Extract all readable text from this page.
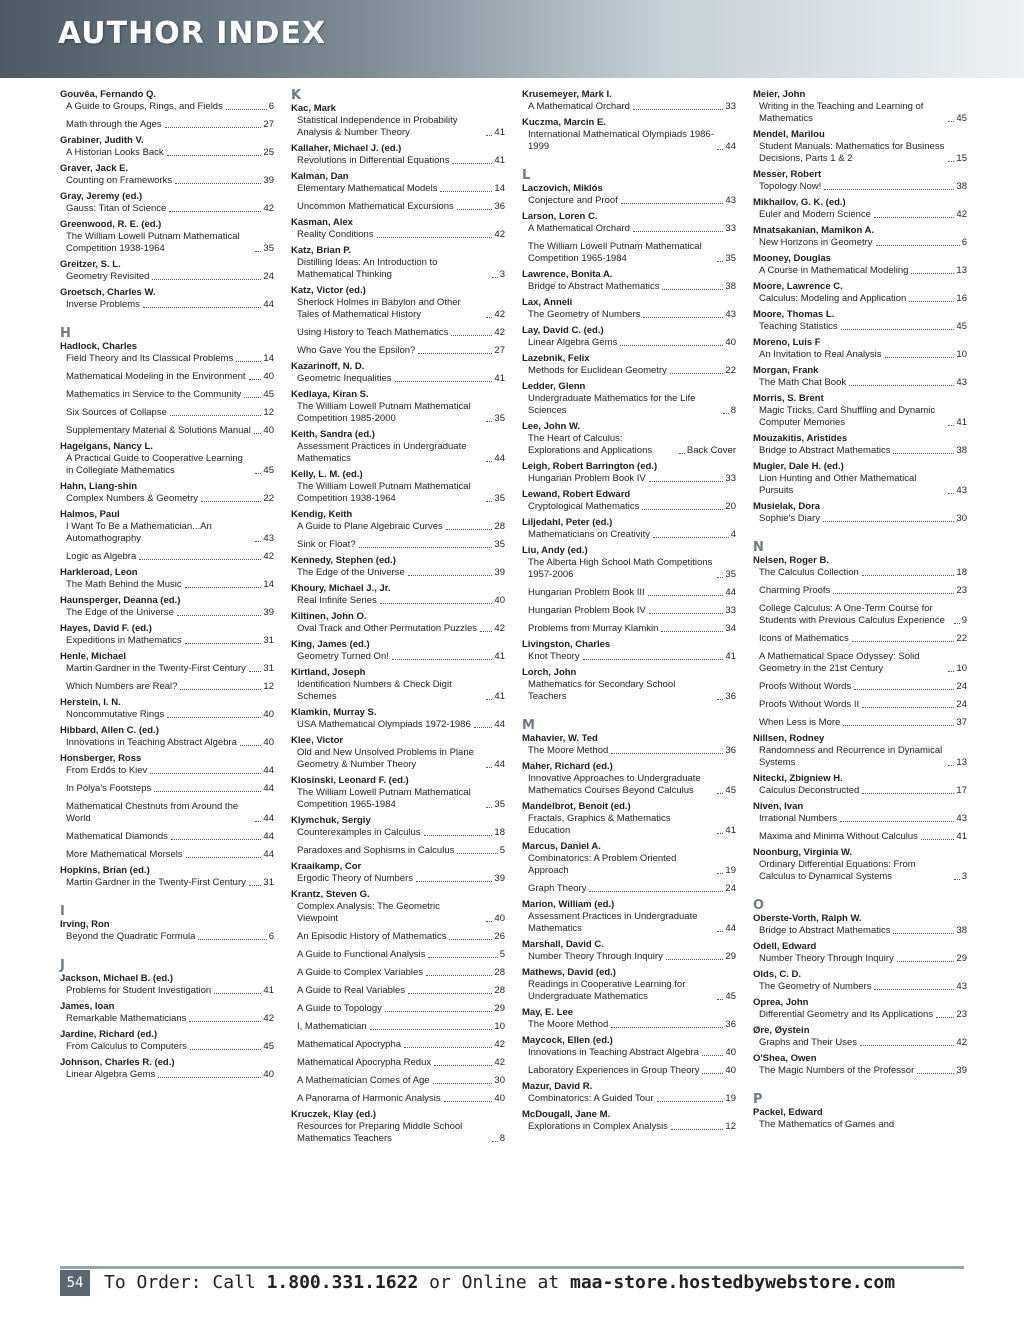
AUTHOR INDEX
Gouvêa, Fernando Q.
A Guide to Groups, Rings, and Fields	6
Math through the Ages	27
Grabiner, Judith V.
A Historian Looks Back	25
Graver, Jack E.
Counting on Frameworks	39
Gray, Jeremy (ed.)
Gauss: Titan of Science	42
Greenwood, R. E. (ed.)
The William Lowell Putnam Mathematical Competition 1938-1964	35
Greitzer, S. L.
Geometry Revisited	24
Groetsch, Charles W.
Inverse Problems	44
H
Hadlock, Charles
Field Theory and Its Classical Problems	14
Mathematical Modeling in the Environment 40
Mathematics in Service to the Community 45
Six Sources of Collapse	12
Supplementary Material & Solutions Manual 40
Hagelgans, Nancy L.
A Practical Guide to Cooperative Learning in Collegiate Mathematics	45
Hahn, Liang-shin
Complex Numbers & Geometry	22
Halmos, Paul
I Want To Be a Mathematician...An Automathography	43
Logic as Algebra	42
Harkleroad, Leon
The Math Behind the Music	14
Haunsperger, Deanna (ed.)
The Edge of the Universe	39
Hayes, David F. (ed.)
Expeditions in Mathematics	31
Henle, Michael
Martin Gardner in the Twenty-First Century 31
Which Numbers are Real?	12
Herstein, I. N.
Noncommutative Rings	40
Hibbard, Allen C. (ed.)
Innovations in Teaching Abstract Algebra	40
Honsberger, Ross
From Erdős to Kiev	44
In Pólya's Footsteps	44
Mathematical Chestnuts from Around the World	44
Mathematical Diamonds	44
More Mathematical Morsels	44
Hopkins, Brian (ed.)
Martin Gardner in the Twenty-First Century 31
I
Irving, Ron
Beyond the Quadratic Formula	6
J
Jackson, Michael B. (ed.)
Problems for Student Investigation	41
James, Ioan
Remarkable Mathematicians	42
Jardine, Richard (ed.)
From Calculus to Computers	45
Johnson, Charles R. (ed.)
Linear Algebra Gems	40
K
Kac, Mark
Statistical Independence in Probability Analysis & Number Theory	41
Kallaher, Michael J. (ed.)
Revolutions in Differential Equations	41
Kalman, Dan
Elementary Mathematical Models	14
Uncommon Mathematical Excursions	36
Kasman, Alex
Reality Conditions	42
Katz, Brian P.
Distilling Ideas: An Introduction to Mathematical Thinking	3
Katz, Victor (ed.)
Sherlock Holmes in Babylon and Other Tales of Mathematical History	42
Using History to Teach Mathematics	42
Who Gave You the Epsilon?	27
Kazarinoff, N. D.
Geometric Inequalities	41
Kedlaya, Kiran S.
The William Lowell Putnam Mathematical Competition 1985-2000	35
Keith, Sandra (ed.)
Assessment Practices in Undergraduate Mathematics	44
Kelly, L. M. (ed.)
The William Lowell Putnam Mathematical Competition 1938-1964	35
Kendig, Keith
A Guide to Plane Algebraic Curves	28
Sink or Float?	35
Kennedy, Stephen (ed.)
The Edge of the Universe	39
Khoury, Michael J., Jr.
Real Infinite Series	40
Kiltinen, John O.
Oval Track and Other Permutation Puzzles 42
King, James (ed.)
Geometry Turned On!	41
Kirtland, Joseph
Identification Numbers & Check Digit Schemes	41
Klamkin, Murray S.
USA Mathematical Olympiads 1972-1986 44
Klee, Victor
Old and New Unsolved Problems in Plane Geometry & Number Theory	44
Klosinski, Leonard F. (ed.)
The William Lowell Putnam Mathematical Competition 1965-1984	35
Klymchuk, Sergiy
Counterexamples in Calculus	18
Paradoxes and Sophisms in Calculus	5
Kraaikamp, Cor
Ergodic Theory of Numbers	39
Krantz, Steven G.
Complex Analysis: The Geometric Viewpoint	40
An Episodic History of Mathematics	26
A Guide to Functional Analysis	5
A Guide to Complex Variables	28
A Guide to Real Variables	28
A Guide to Topology	29
I, Mathematician	10
Mathematical Apocrypha	42
Mathematical Apocrypha Redux	42
A Mathematician Comes of Age	30
A Panorama of Harmonic Analysis	40
Kruczek, Klay (ed.)
Resources for Preparing Middle School Mathematics Teachers	8
Krusemeyer, Mark I.
A Mathematical Orchard	33
Kuczma, Marcin E.
International Mathematical Olympiads 1986-1999	44
L
Laczovich, Miklós
Conjecture and Proof	43
Larson, Loren C.
A Mathematical Orchard	33
The William Lowell Putnam Mathematical Competition 1965-1984	35
Lawrence, Bonita A.
Bridge to Abstract Mathematics	38
Lax, Anneli
The Geometry of Numbers	43
Lay, David C. (ed.)
Linear Algebra Gems	40
Lazebnik, Felix
Methods for Euclidean Geometry	22
Ledder, Glenn
Undergraduate Mathematics for the Life Sciences	8
Lee, John W.
The Heart of Calculus: Explorations and Applications	Back Cover
Leigh, Robert Barrington (ed.)
Hungarian Problem Book IV	33
Lewand, Robert Edward
Cryptological Mathematics	20
Liljedahl, Peter (ed.)
Mathematicians on Creativity	4
Liu, Andy (ed.)
The Alberta High School Math Competitions 1957-2006	35
Hungarian Problem Book III	44
Hungarian Problem Book IV	33
Problems from Murray Klamkin	34
Livingston, Charles
Knot Theory	41
Lorch, John
Mathematics for Secondary School Teachers	36
M
Mahavier, W. Ted
The Moore Method	36
Maher, Richard (ed.)
Innovative Approaches to Undergraduate Mathematics Courses Beyond Calculus	45
Mandelbrot, Benoit (ed.)
Fractals, Graphics & Mathematics Education	41
Marcus, Daniel A.
Combinatorics: A Problem Oriented Approach	19
Graph Theory	24
Marion, William (ed.)
Assessment Practices in Undergraduate Mathematics	44
Marshall, David C.
Number Theory Through Inquiry	29
Mathews, David (ed.)
Readings in Cooperative Learning for Undergraduate Mathematics	45
May, E. Lee
The Moore Method	36
Maycock, Ellen (ed.)
Innovations in Teaching Abstract Algebra	40
Laboratory Experiences in Group Theory	40
Mazur, David R.
Combinatorics: A Guided Tour	19
McDougall, Jane M.
Explorations in Complex Analysis	12
Meier, John
Writing in the Teaching and Learning of Mathematics	45
Mendel, Marilou
Student Manuals: Mathematics for Business Decisions, Parts 1 & 2	15
Messer, Robert
Topology Now!	38
Mikhailov, G. K. (ed.)
Euler and Modern Science	42
Mnatsakanian, Mamikon A.
New Horizons in Geometry	6
Mooney, Douglas
A Course in Mathematical Modeling	13
Moore, Lawrence C.
Calculus: Modeling and Application	16
Moore, Thomas L.
Teaching Statistics	45
Moreno, Luis F
An Invitation to Real Analysis	10
Morgan, Frank
The Math Chat Book	43
Morris, S. Brent
Magic Tricks, Card Shuffling and Dynamic Computer Memories	41
Mouzakitis, Aristides
Bridge to Abstract Mathematics	38
Mugler, Dale H. (ed.)
Lion Hunting and Other Mathematical Pursuits	43
Musielak, Dora
Sophie's Diary	30
N
Nelsen, Roger B.
The Calculus Collection	18
Charming Proofs	23
College Calculus: A One-Term Course for Students with Previous Calculus Experience	9
Icons of Mathematics	22
A Mathematical Space Odyssey: Solid Geometry in the 21st Century	10
Proofs Without Words	24
Proofs Without Words II	24
When Less is More	37
Nillsen, Rodney
Randomness and Recurrence in Dynamical Systems	13
Nitecki, Zbigniew H.
Calculus Deconstructed	17
Niven, Ivan
Irrational Numbers	43
Maxima and Minima Without Calculus	41
Noonburg, Virginia W.
Ordinary Differential Equations: From Calculus to Dynamical Systems	3
O
Oberste-Vorth, Ralph W.
Bridge to Abstract Mathematics	38
Odell, Edward
Number Theory Through Inquiry	29
Olds, C. D.
The Geometry of Numbers	43
Oprea, John
Differential Geometry and Its Applications 23
Øre, Øystein
Graphs and Their Uses	42
O'Shea, Owen
The Magic Numbers of the Professor	39
P
Packel, Edward
The Mathematics of Games and
54	To Order: Call 1.800.331.1622 or Online at maa-store.hostedbywebstore.com
